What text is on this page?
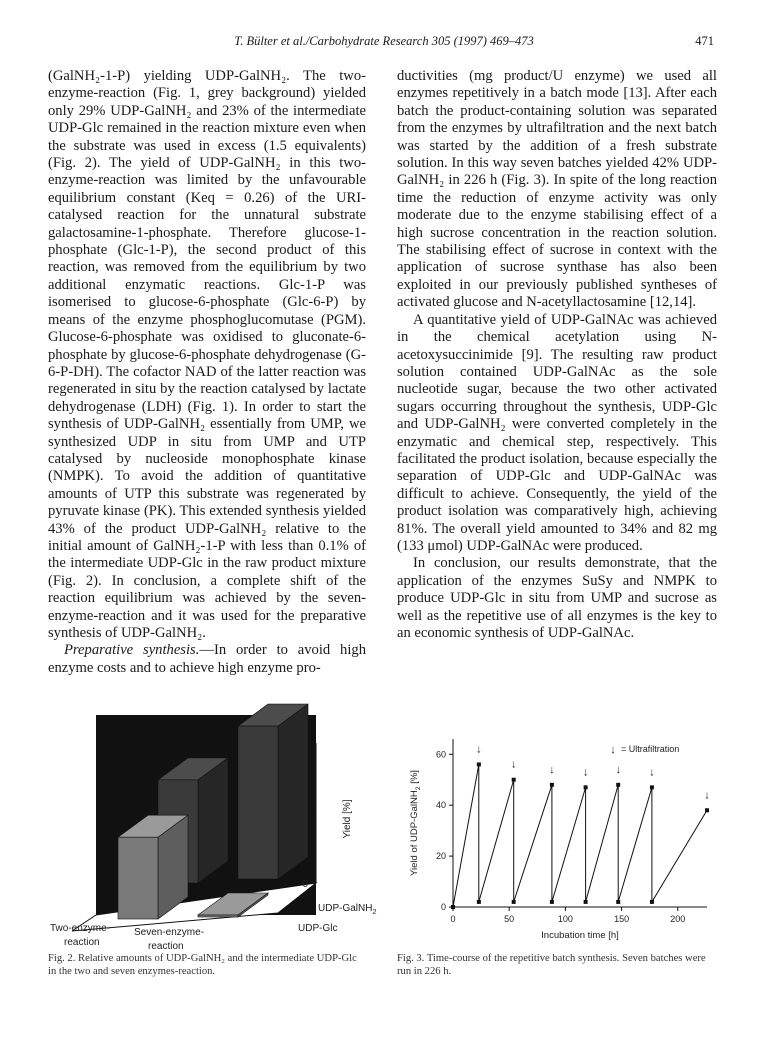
T. Bülter et al./Carbohydrate Research 305 (1997) 469–473	471

(GalNH₂-1-P) yielding UDP-GalNH₂. The two-enzyme-reaction (Fig. 1, grey background) yielded only 29% UDP-GalNH₂ and 23% of the intermediate UDP-Glc remained in the reaction mixture even when the substrate was used in excess (1.5 equivalents) (Fig. 2). The yield of UDP-GalNH₂ in this two-enzyme-reaction was limited by the unfavourable equilibrium constant (Keq = 0.26) of the URI-catalysed reaction for the unnatural substrate galactosamine-1-phosphate. Therefore glucose-1-phosphate (Glc-1-P), the second product of this reaction, was removed from the equilibrium by two additional enzymatic reactions. Glc-1-P was isomerised to glucose-6-phosphate (Glc-6-P) by means of the enzyme phosphoglucomutase (PGM). Glucose-6-phosphate was oxidised to gluconate-6-phosphate by glucose-6-phosphate dehydrogenase (G-6-P-DH). The cofactor NAD of the latter reaction was regenerated in situ by the reaction catalysed by lactate dehydrogenase (LDH) (Fig. 1). In order to start the synthesis of UDP-GalNH₂ essentially from UMP, we synthesized UDP in situ from UMP and UTP catalysed by nucleoside monophosphate kinase (NMPK). To avoid the addition of quantitative amounts of UTP this substrate was regenerated by pyruvate kinase (PK). This extended synthesis yielded 43% of the product UDP-GalNH₂ relative to the initial amount of GalNH₂-1-P with less than 0.1% of the intermediate UDP-Glc in the raw product mixture (Fig. 2). In conclusion, a complete shift of the reaction equilibrium was achieved by the seven-enzyme-reaction and it was used for the preparative synthesis of UDP-GalNH₂.

Preparative synthesis.—In order to avoid high enzyme costs and to achieve high enzyme pro-

ductivities (mg product/U enzyme) we used all enzymes repetitively in a batch mode [13]. After each batch the product-containing solution was separated from the enzymes by ultrafiltration and the next batch was started by the addition of a fresh substrate solution. In this way seven batches yielded 42% UDP-GalNH₂ in 226 h (Fig. 3). In spite of the long reaction time the reduction of enzyme activity was only moderate due to the enzyme stabilising effect of a high sucrose concentration in the reaction solution. The stabilising effect of sucrose in context with the application of sucrose synthase has also been exploited in our previously published syntheses of activated glucose and N-acetyllactosamine [12,14].

A quantitative yield of UDP-GalNAc was achieved in the chemical acetylation using N-acetoxysuccinimide [9]. The resulting raw product solution contained UDP-GalNAc as the sole nucleotide sugar, because the two other activated sugars occurring throughout the synthesis, UDP-Glc and UDP-GalNH₂ were converted completely in the enzymatic and chemical step, respectively. This facilitated the product isolation, because especially the separation of UDP-Glc and UDP-GalNAc was difficult to achieve. Consequently, the yield of the product isolation was comparatively high, achieving 81%. The overall yield amounted to 34% and 82 mg (133 μmol) UDP-GalNAc were produced.

In conclusion, our results demonstrate, that the application of the enzymes SuSy and NMPK to produce UDP-Glc in situ from UMP and sucrose as well as the repetitive use of all enzymes is the key to an economic synthesis of UDP-GalNAc.

0
Yield [%]
UDP-GalNH$_2$
UDP-Glc
Two-enzyme-
reaction
Seven-enzyme-
reaction

Fig. 2. Relative amounts of UDP-GalNH₂ and the intermediate UDP-Glc in the two and seven enzymes-reaction.

0	50	100	150	200
0
20
40
60
Incubation time [h]
Yield of UDP-GalNH$_2$ [%]
↓
↓	↓	↓ ↓	↓
↓
↓ = Ultrafiltration

Fig. 3. Time-course of the repetitive batch synthesis. Seven batches were run in 226 h.
